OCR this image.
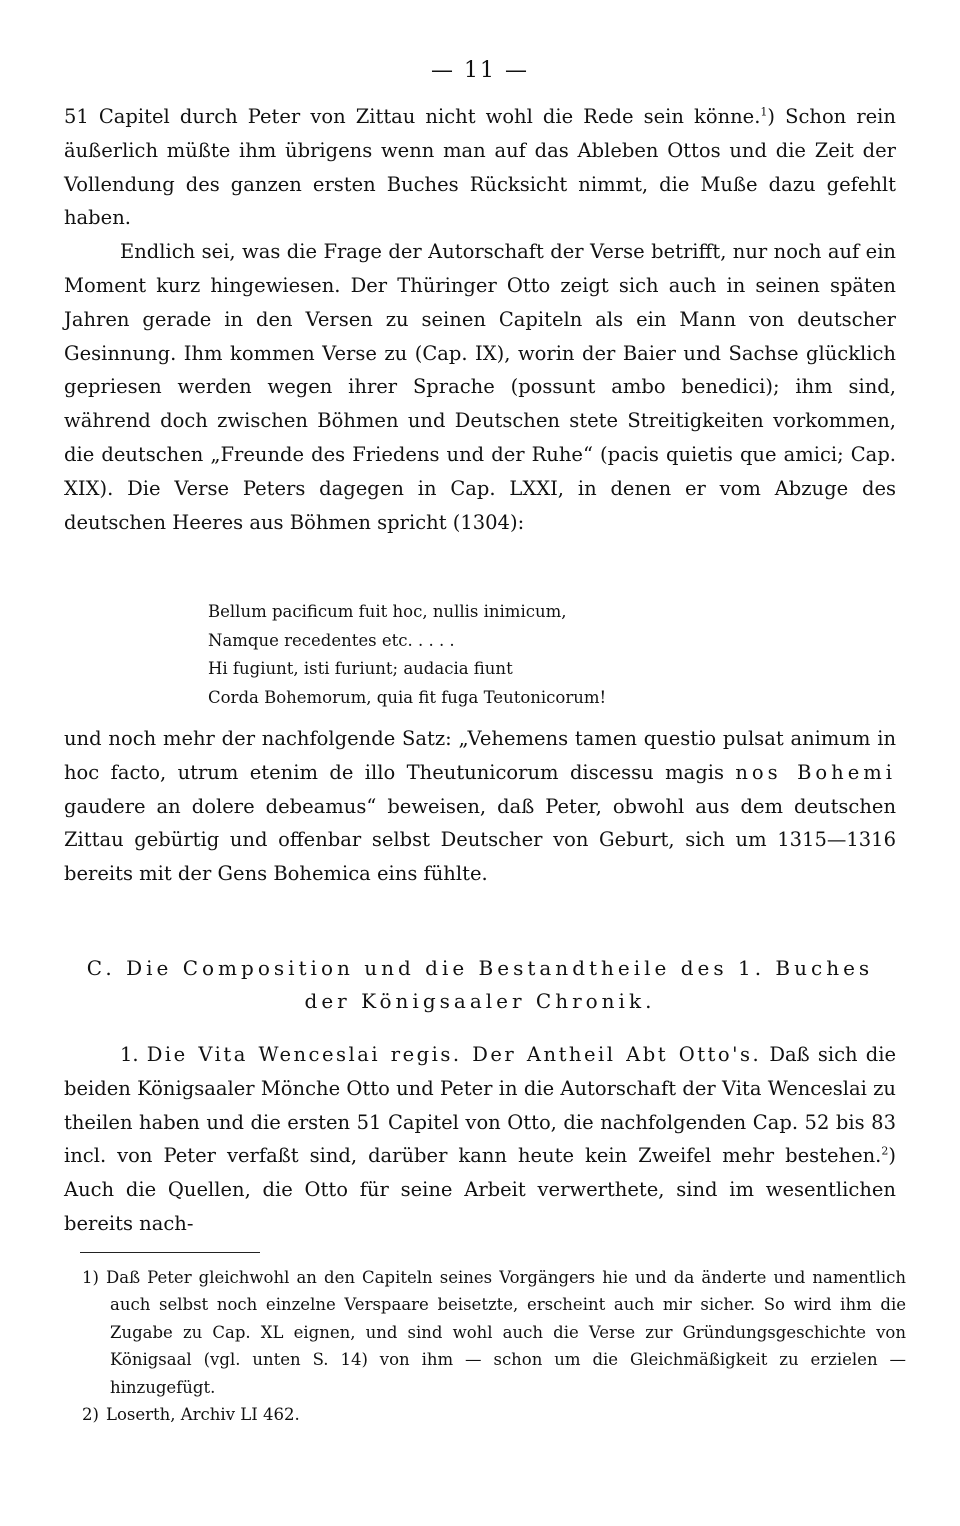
— 11 —

51 Capitel durch Peter von Zittau nicht wohl die Rede sein könne.$^1$) Schon rein äußerlich müßte ihm übrigens wenn man auf das Ableben Ottos und die Zeit der Vollendung des ganzen ersten Buches Rücksicht nimmt, die Muße dazu gefehlt haben.

Endlich sei, was die Frage der Autorschaft der Verse betrifft, nur noch auf ein Moment kurz hingewiesen. Der Thüringer Otto zeigt sich auch in seinen späten Jahren gerade in den Versen zu seinen Capiteln als ein Mann von deutscher Gesinnung. Ihm kommen Verse zu (Cap. IX), worin der Baier und Sachse glücklich gepriesen werden wegen ihrer Sprache (possunt ambo benedici); ihm sind, während doch zwischen Böhmen und Deutschen stete Streitigkeiten vorkommen, die deutschen „Freunde des Friedens und der Ruhe“ (pacis quietis que amici; Cap. XIX). Die Verse Peters dagegen in Cap. LXXI, in denen er vom Abzuge des deutschen Heeres aus Böhmen spricht (1304):

Bellum pacificum fuit hoc, nullis inimicum,
Namque recedentes etc. . . . .
Hi fugiunt, isti furiunt; audacia fiunt
Corda Bohemorum, quia fit fuga Teutonicorum!

und noch mehr der nachfolgende Satz: „Vehemens tamen questio pulsat animum in hoc facto, utrum etenim de illo Theutunicorum discessu magis nos Bohemi gaudere an dolere debeamus“ beweisen, daß Peter, obwohl aus dem deutschen Zittau gebürtig und offenbar selbst Deutscher von Geburt, sich um 1315—1316 bereits mit der Gens Bohemica eins fühlte.

C. Die Composition und die Bestandtheile des 1. Buches
der Königsaaler Chronik.

1. Die Vita Wenceslai regis. Der Antheil Abt Otto's. Daß sich die beiden Königsaaler Mönche Otto und Peter in die Autorschaft der Vita Wenceslai zu theilen haben und die ersten 51 Capitel von Otto, die nachfolgenden Cap. 52 bis 83 incl. von Peter verfaßt sind, darüber kann heute kein Zweifel mehr bestehen.$^2$) Auch die Quellen, die Otto für seine Arbeit verwerthete, sind im wesentlichen bereits nach-

1) Daß Peter gleichwohl an den Capiteln seines Vorgängers hie und da änderte und namentlich auch selbst noch einzelne Verspaare beisetzte, erscheint auch mir sicher. So wird ihm die Zugabe zu Cap. XL eignen, und sind wohl auch die Verse zur Gründungsgeschichte von Königsaal (vgl. unten S. 14) von ihm — schon um die Gleichmäßigkeit zu erzielen — hinzugefügt.

2) Loserth, Archiv LI 462.
